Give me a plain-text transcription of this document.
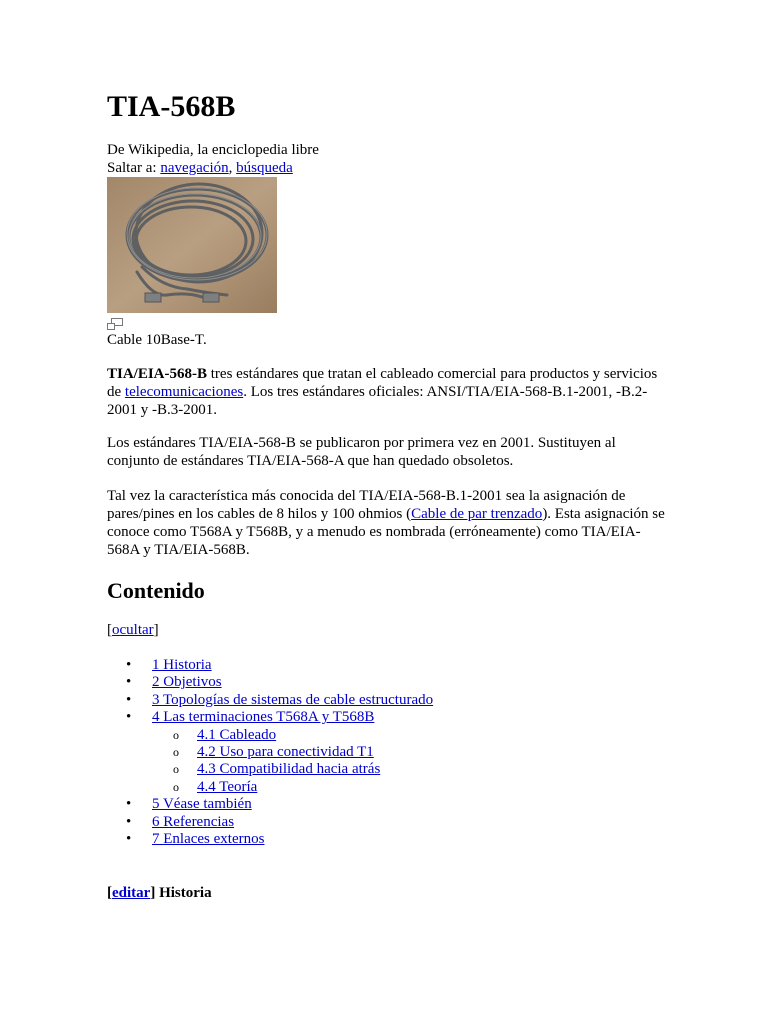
TIA-568B
De Wikipedia, la enciclopedia libre
Saltar a: navegación, búsqueda
Cable 10Base-T.

TIA/EIA-568-B tres estándares que tratan el cableado comercial para productos y servicios de telecomunicaciones. Los tres estándares oficiales: ANSI/TIA/EIA-568-B.1-2001, -B.2-2001 y -B.3-2001.

Los estándares TIA/EIA-568-B se publicaron por primera vez en 2001. Sustituyen al conjunto de estándares TIA/EIA-568-A que han quedado obsoletos.

Tal vez la característica más conocida del TIA/EIA-568-B.1-2001 sea la asignación de pares/pines en los cables de 8 hilos y 100 ohmios (Cable de par trenzado). Esta asignación se conoce como T568A y T568B, y a menudo es nombrada (erróneamente) como TIA/EIA-568A y TIA/EIA-568B.

Contenido
[ocultar]
• 1 Historia
• 2 Objetivos
• 3 Topologías de sistemas de cable estructurado
• 4 Las terminaciones T568A y T568B
o 4.1 Cableado
o 4.2 Uso para conectividad T1
o 4.3 Compatibilidad hacia atrás
o 4.4 Teoría
• 5 Véase también
• 6 Referencias
• 7 Enlaces externos
[editar] Historia
